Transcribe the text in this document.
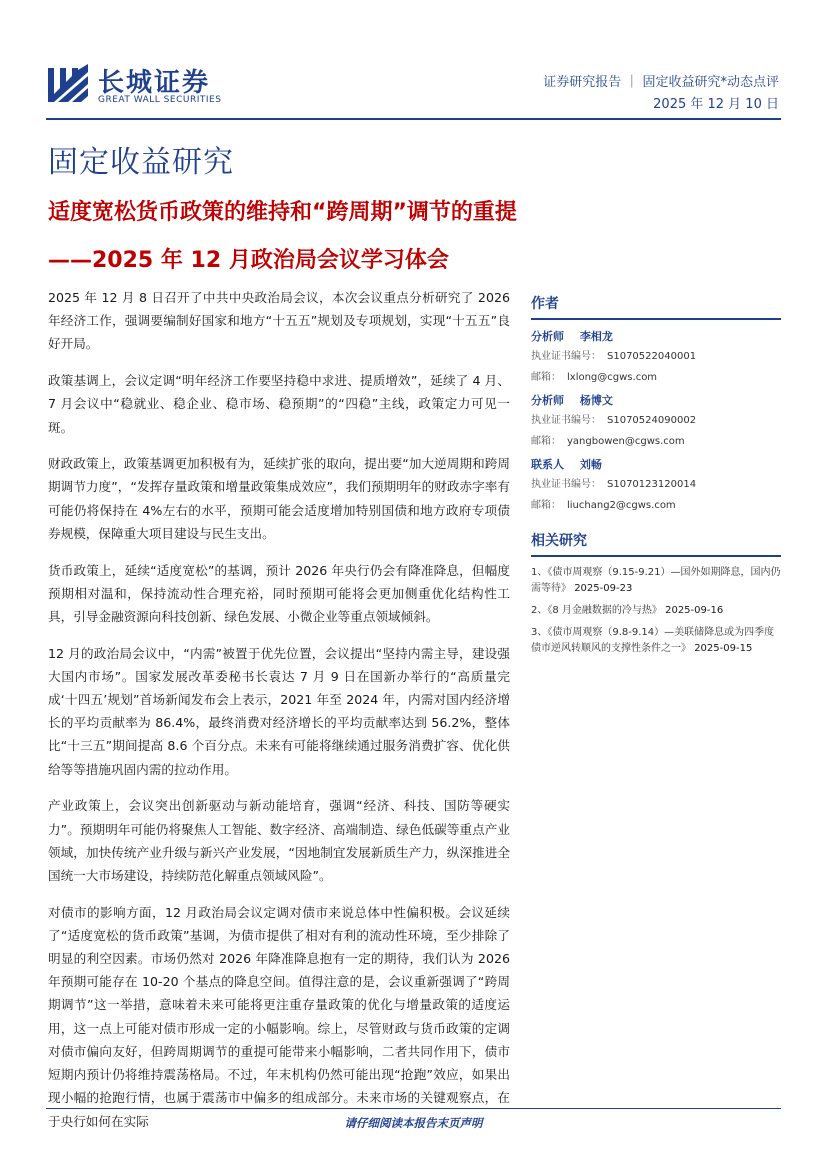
长城证券
GREAT WALL SECURITIES
证券研究报告 ｜ 固定收益研究*动态点评
2025 年 12 月 10 日
固定收益研究
适度宽松货币政策的维持和“跨周期”调节的重提
——2025 年 12 月政治局会议学习体会

2025 年 12 月 8 日召开了中共中央政治局会议，本次会议重点分析研究了 2026 年经济工作，强调要编制好国家和地方“十五五”规划及专项规划，实现“十五五”良好开局。

政策基调上，会议定调“明年经济工作要坚持稳中求进、提质增效”，延续了 4 月、7 月会议中“稳就业、稳企业、稳市场、稳预期”的“四稳”主线，政策定力可见一斑。

财政政策上，政策基调更加积极有为，延续扩张的取向，提出要“加大逆周期和跨周期调节力度”，“发挥存量政策和增量政策集成效应”，我们预期明年的财政赤字率有可能仍将保持在 4%左右的水平，预期可能会适度增加特别国债和地方政府专项债券规模，保障重大项目建设与民生支出。

货币政策上，延续“适度宽松”的基调，预计 2026 年央行仍会有降准降息，但幅度预期相对温和，保持流动性合理充裕，同时预期可能将会更加侧重优化结构性工具，引导金融资源向科技创新、绿色发展、小微企业等重点领域倾斜。

12 月的政治局会议中，“内需”被置于优先位置，会议提出“坚持内需主导，建设强大国内市场”。国家发展改革委秘书长袁达 7 月 9 日在国新办举行的“高质量完成‘十四五’规划”首场新闻发布会上表示，2021 年至 2024 年，内需对国内经济增长的平均贡献率为 86.4%，最终消费对经济增长的平均贡献率达到 56.2%，整体比“十三五”期间提高 8.6 个百分点。未来有可能将继续通过服务消费扩容、优化供给等等措施巩固内需的拉动作用。

产业政策上，会议突出创新驱动与新动能培育，强调“经济、科技、国防等硬实力”。预期明年可能仍将聚焦人工智能、数字经济、高端制造、绿色低碳等重点产业领域，加快传统产业升级与新兴产业发展，“因地制宜发展新质生产力，纵深推进全国统一大市场建设，持续防范化解重点领域风险”。

对债市的影响方面，12 月政治局会议定调对债市来说总体中性偏积极。会议延续了“适度宽松的货币政策”基调，为债市提供了相对有利的流动性环境，至少排除了明显的利空因素。市场仍然对 2026 年降准降息抱有一定的期待，我们认为 2026 年预期可能存在 10-20 个基点的降息空间。值得注意的是，会议重新强调了“跨周期调节”这一举措，意味着未来可能将更注重存量政策的优化与增量政策的适度运用，这一点上可能对债市形成一定的小幅影响。综上，尽管财政与货币政策的定调对债市偏向友好，但跨周期调节的重提可能带来小幅影响，二者共同作用下，债市短期内预计仍将维持震荡格局。不过，年末机构仍然可能出现“抢跑”效应，如果出现小幅的抢跑行情，也属于震荡市中偏多的组成部分。未来市场的关键观察点，在于央行如何在实际

作者
分析师 李相龙
执业证书编号： S1070522040001
邮箱： lxlong@cgws.com
分析师 杨博文
执业证书编号： S1070524090002
邮箱： yangbowen@cgws.com
联系人 刘畅
执业证书编号： S1070123120014
邮箱： liuchang2@cgws.com
相关研究
1、《债市周观察（9.15-9.21）—国外如期降息，国内仍需等待》 2025-09-23
2、《8 月金融数据的冷与热》 2025-09-16
3、《债市周观察（9.8-9.14）—美联储降息或为四季度债市逆风转顺风的支撑性条件之一》 2025-09-15
请仔细阅读本报告末页声明
